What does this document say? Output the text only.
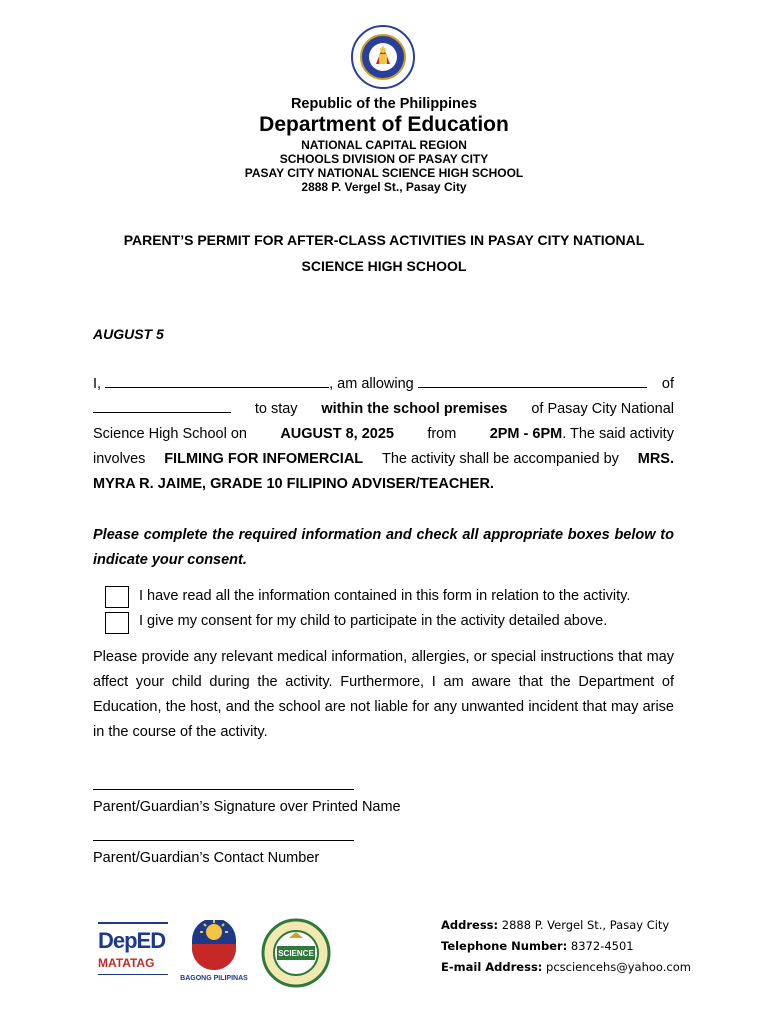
Republic of the Philippines
Department of Education
NATIONAL CAPITAL REGION
SCHOOLS DIVISION OF PASAY CITY
PASAY CITY NATIONAL SCIENCE HIGH SCHOOL
2888 P. Vergel St., Pasay City
PARENT’S PERMIT FOR AFTER-CLASS ACTIVITIES IN PASAY CITY NATIONAL
SCIENCE HIGH SCHOOL
AUGUST 5
I,	, am allowing	of
to stay within the school premises of Pasay City National
Science High School on AUGUST 8, 2025 from 2PM - 6PM. The said activity
involves FILMING FOR INFOMERCIAL The activity shall be accompanied by MRS.
MYRA R. JAIME, GRADE 10 FILIPINO ADVISER/TEACHER.
Please complete the required information and check all appropriate boxes below to indicate your consent.
I have read all the information contained in this form in relation to the activity.
I give my consent for my child to participate in the activity detailed above.
Please provide any relevant medical information, allergies, or special instructions that may affect your child during the activity. Furthermore, I am aware that the Department of Education, the host, and the school are not liable for any unwanted incident that may arise in the course of the activity.
Parent/Guardian’s Signature over Printed Name
Parent/Guardian’s Contact Number
DepED
MATATAG
BAGONG PILIPINAS
SCIENCE
Address: 2888 P. Vergel St., Pasay City
Telephone Number: 8372-4501
E-mail Address: pcsciencehs@yahoo.com
